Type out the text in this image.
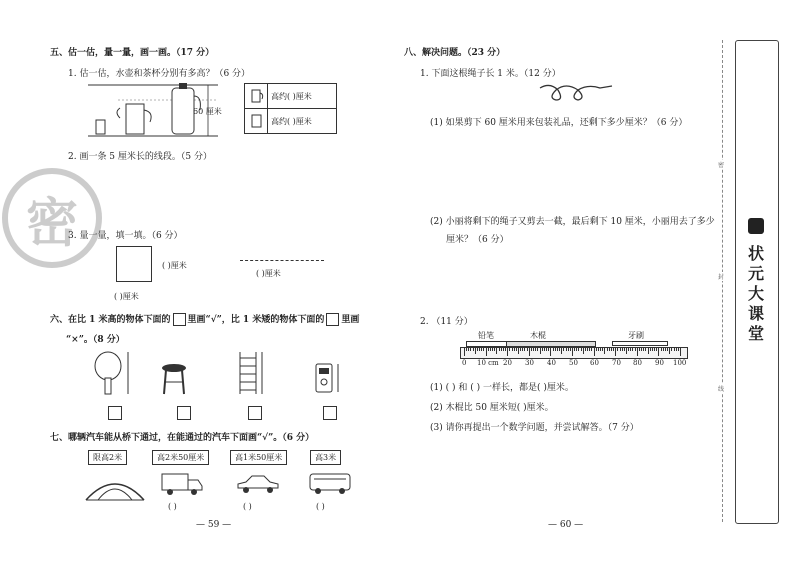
五、估一估，量一量，画一画。（17 分）
1. 估一估，水壶和茶杯分别有多高？（6 分）
60 厘米
	高约( )厘米
	高约( )厘米
2. 画一条 5 厘米长的线段。（5 分）
密
3. 量一量，填一填。（6 分）
( )厘米
( )厘米
( )厘米
六、在比 1 米高的物体下面的 里画“√”，比 1 米矮的物体下面的 里画
“×”。（8 分）
七、哪辆汽车能从桥下通过，在能通过的汽车下面画“√”。（6 分）
限高2米	高2米50厘米	高1米50厘米	高3米
( )	( )	( )
— 59 —
八、解决问题。（23 分）
1. 下面这根绳子长 1 米。（12 分）
(1) 如果剪下 60 厘米用来包装礼品，还剩下多少厘米？（6 分）
(2) 小丽将剩下的绳子又剪去一截，最后剩下 10 厘米，小丽用去了多少
厘米？（6 分）
2. （11 分）
铅笔	木棍	牙刷
0 10 cm 20 30 40 50 60 70 80 90 100
(1) ( ) 和 ( ) 一样长，都是( )厘米。
(2) 木棍比 50 厘米短( )厘米。
(3) 请你再提出一个数学问题，并尝试解答。（7 分）
— 60 —
密
封
线
状元大课堂
